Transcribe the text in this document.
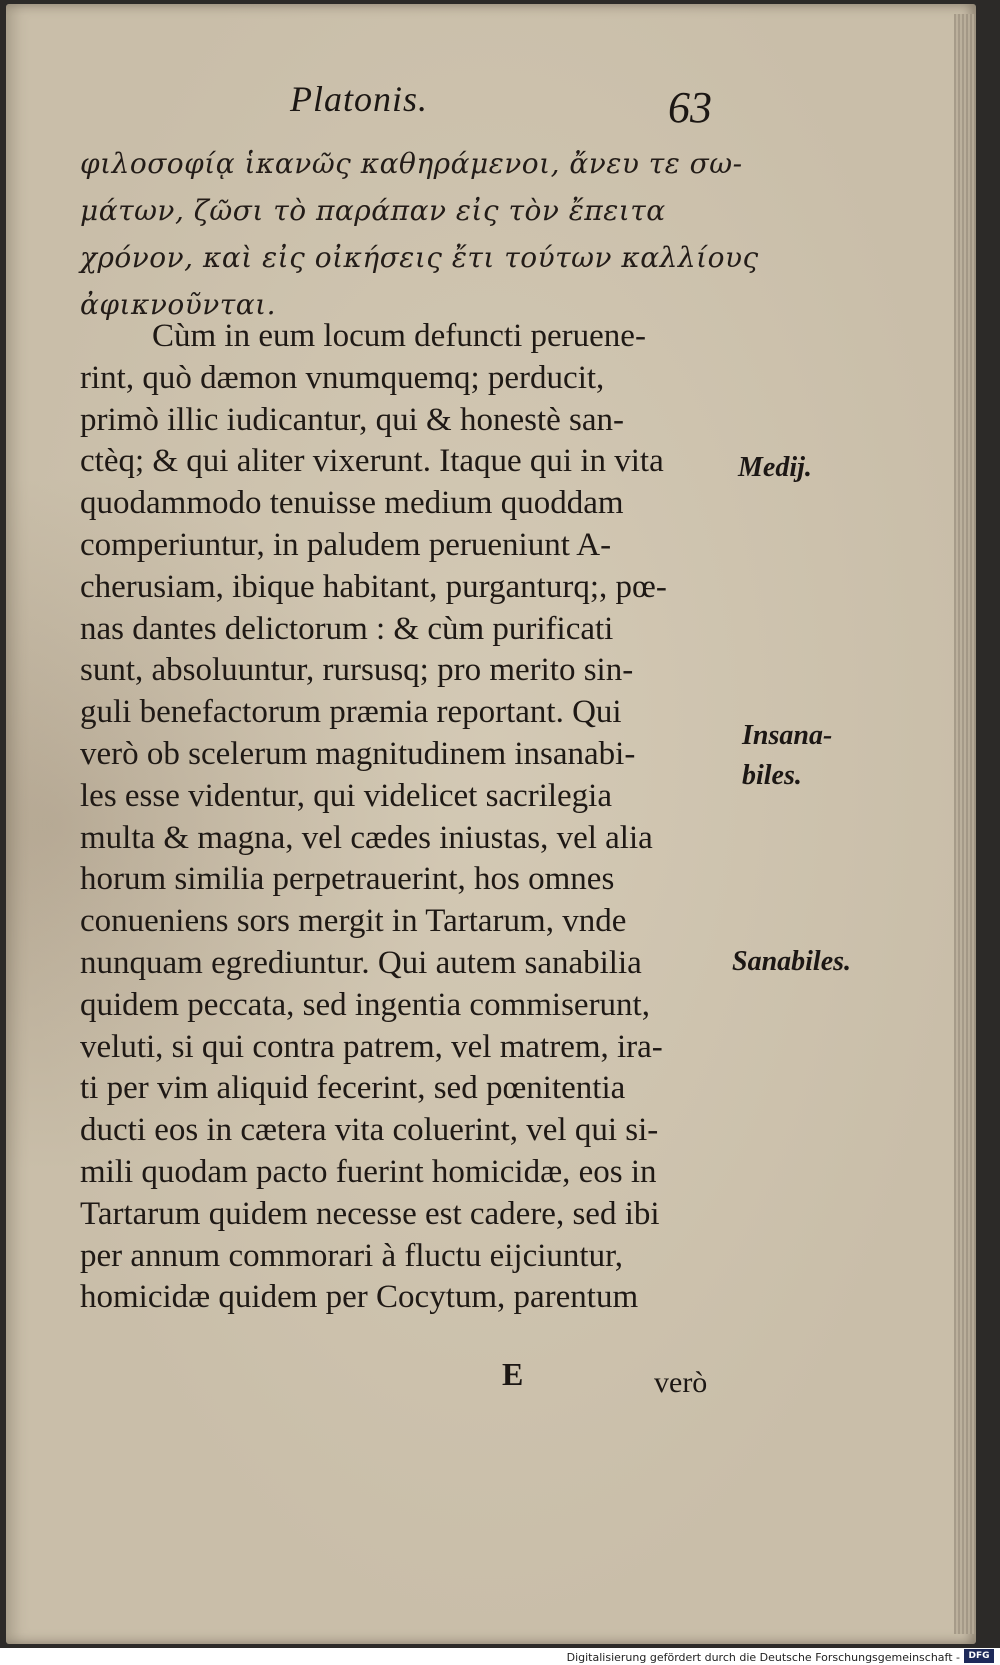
Platonis.	63
φιλοσοφίᾳ ἱκανῶς καθηράμενοι, ἄνευ τε σω-
μάτων, ζῶσι τὸ παράπαν εἰς τὸν ἔπειτα
χρόνον, καὶ εἰς οἰκήσεις ἔτι τούτων καλλίους
ἀφικνοῦνται.
Cùm in eum locum defuncti peruene-
rint, quò dæmon vnumquemq; perducit,
primò illic iudicantur, qui & honestè san-
ctèq; & qui aliter vixerunt. Itaque qui in vita
quodammodo tenuisse medium quoddam
comperiuntur, in paludem perueniunt A-
cherusiam, ibique habitant, purganturq;, pœ-
nas dantes delictorum : & cùm purificati
sunt, absoluuntur, rursusq; pro merito sin-
guli benefactorum præmia reportant. Qui
verò ob scelerum magnitudinem insanabi-
les esse videntur, qui videlicet sacrilegia
multa & magna, vel cædes iniustas, vel alia
horum similia perpetrauerint, hos omnes
conueniens sors mergit in Tartarum, vnde
nunquam egrediuntur. Qui autem sanabilia
quidem peccata, sed ingentia commiserunt,
veluti, si qui contra patrem, vel matrem, ira-
ti per vim aliquid fecerint, sed pœnitentia
ducti eos in cætera vita coluerint, vel qui si-
mili quodam pacto fuerint homicidæ, eos in
Tartarum quidem necesse est cadere, sed ibi
per annum commorari à fluctu eijciuntur,
homicidæ quidem per Cocytum, parentum
Medij.
Insana-
biles.
Sanabiles.
E	verò
Digitalisierung gefördert durch die Deutsche Forschungsgemeinschaft - DFG
